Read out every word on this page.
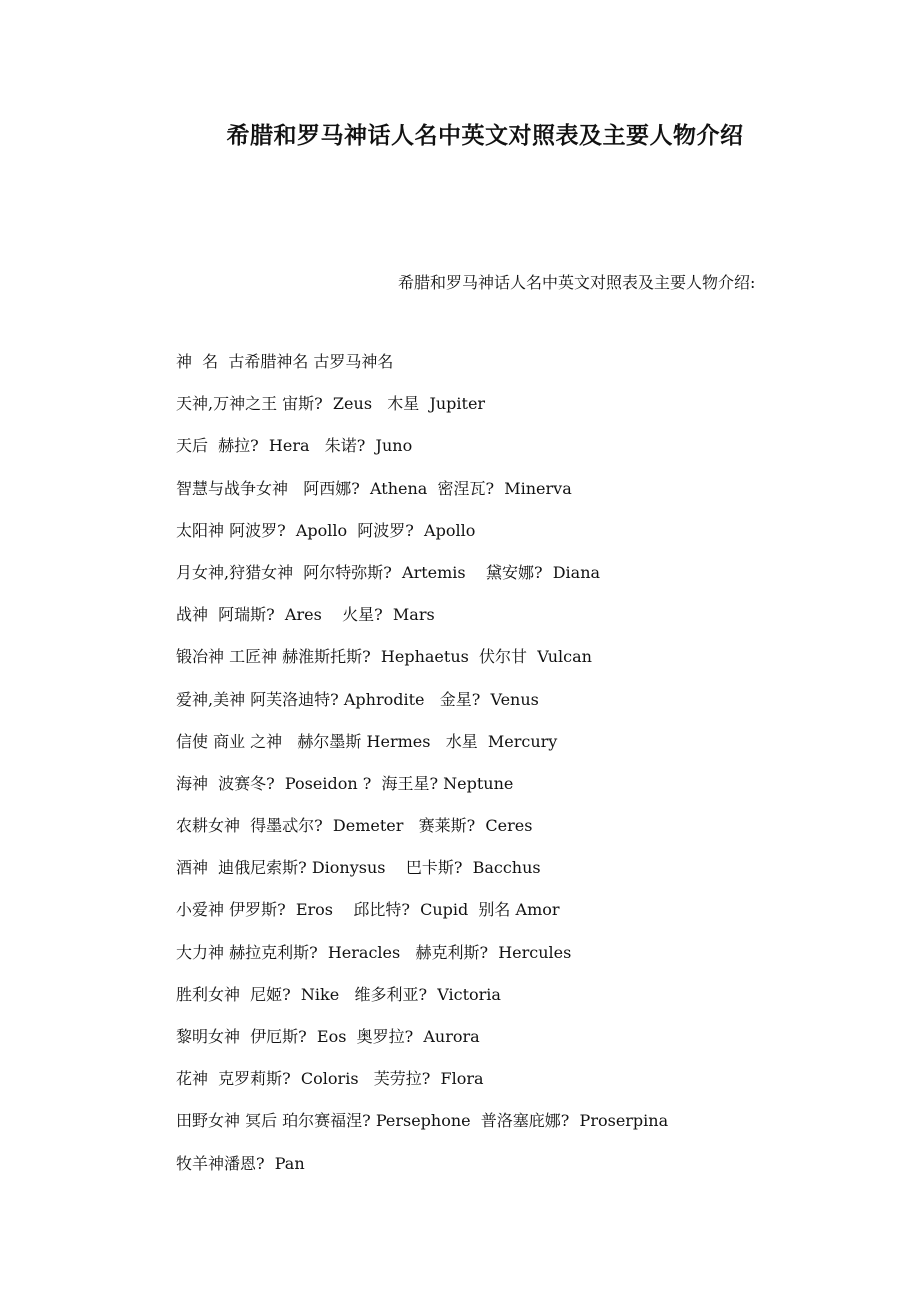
希腊和罗马神话人名中英文对照表及主要人物介绍
希腊和罗马神话人名中英文对照表及主要人物介绍:
神  名  古希腊神名 古罗马神名
天神,万神之王 宙斯?  Zeus   木星  Jupiter
天后  赫拉?  Hera   朱诺?  Juno
智慧与战争女神   阿西娜?  Athena  密涅瓦?  Minerva
太阳神 阿波罗?  Apollo  阿波罗?  Apollo
月女神,狩猎女神  阿尔特弥斯?  Artemis    黛安娜?  Diana
战神  阿瑞斯?  Ares    火星?  Mars
锻冶神 工匠神 赫淮斯托斯?  Hephaetus  伏尔甘  Vulcan
爱神,美神 阿芙洛迪特? Aphrodite   金星?  Venus
信使 商业 之神   赫尔墨斯 Hermes   水星  Mercury
海神  波赛冬?  Poseidon ?  海王星? Neptune
农耕女神  得墨忒尔?  Demeter   赛莱斯?  Ceres
酒神  迪俄尼索斯? Dionysus    巴卡斯?  Bacchus
小爱神 伊罗斯?  Eros    邱比特?  Cupid  别名 Amor
大力神 赫拉克利斯?  Heracles   赫克利斯?  Hercules
胜利女神  尼姬?  Nike   维多利亚?  Victoria
黎明女神  伊厄斯?  Eos  奥罗拉?  Aurora
花神  克罗莉斯?  Coloris   芙劳拉?  Flora
田野女神 冥后 珀尔赛福涅? Persephone  普洛塞庇娜?  Proserpina
牧羊神潘恩?  Pan
